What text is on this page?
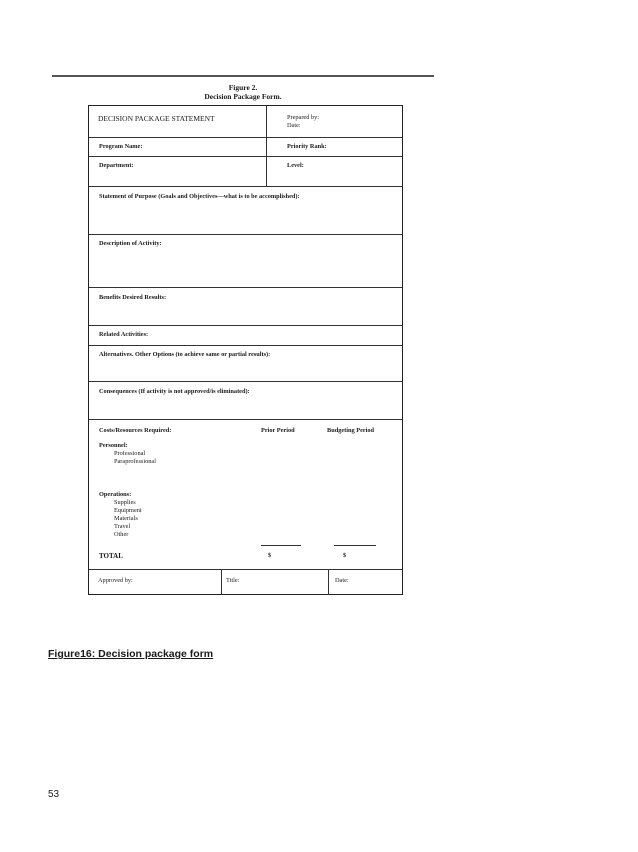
Figure 2.
Decision Package Form.
DECISION PACKAGE STATEMENT	Prepared by:
Date:
Program Name:	Priority Rank:
Department:	Level:
Statement of Purpose (Goals and Objectives—what is to be accomplished):
Description of Activity:
Benefits Desired Results:
Related Activities:
Alternatives. Other Options (to achieve same or partial results):
Consequences (If activity is not approved/is eliminated):
Costs/Resources Required:	Prior Period	Budgeting Period
Personnel:
Professional
Paraprofessional
Operations:
Supplies
Equipment
Materials
Travel
Other
TOTAL	$	$
Approved by:	Title:	Date:
Figure16: Decision package form
53
